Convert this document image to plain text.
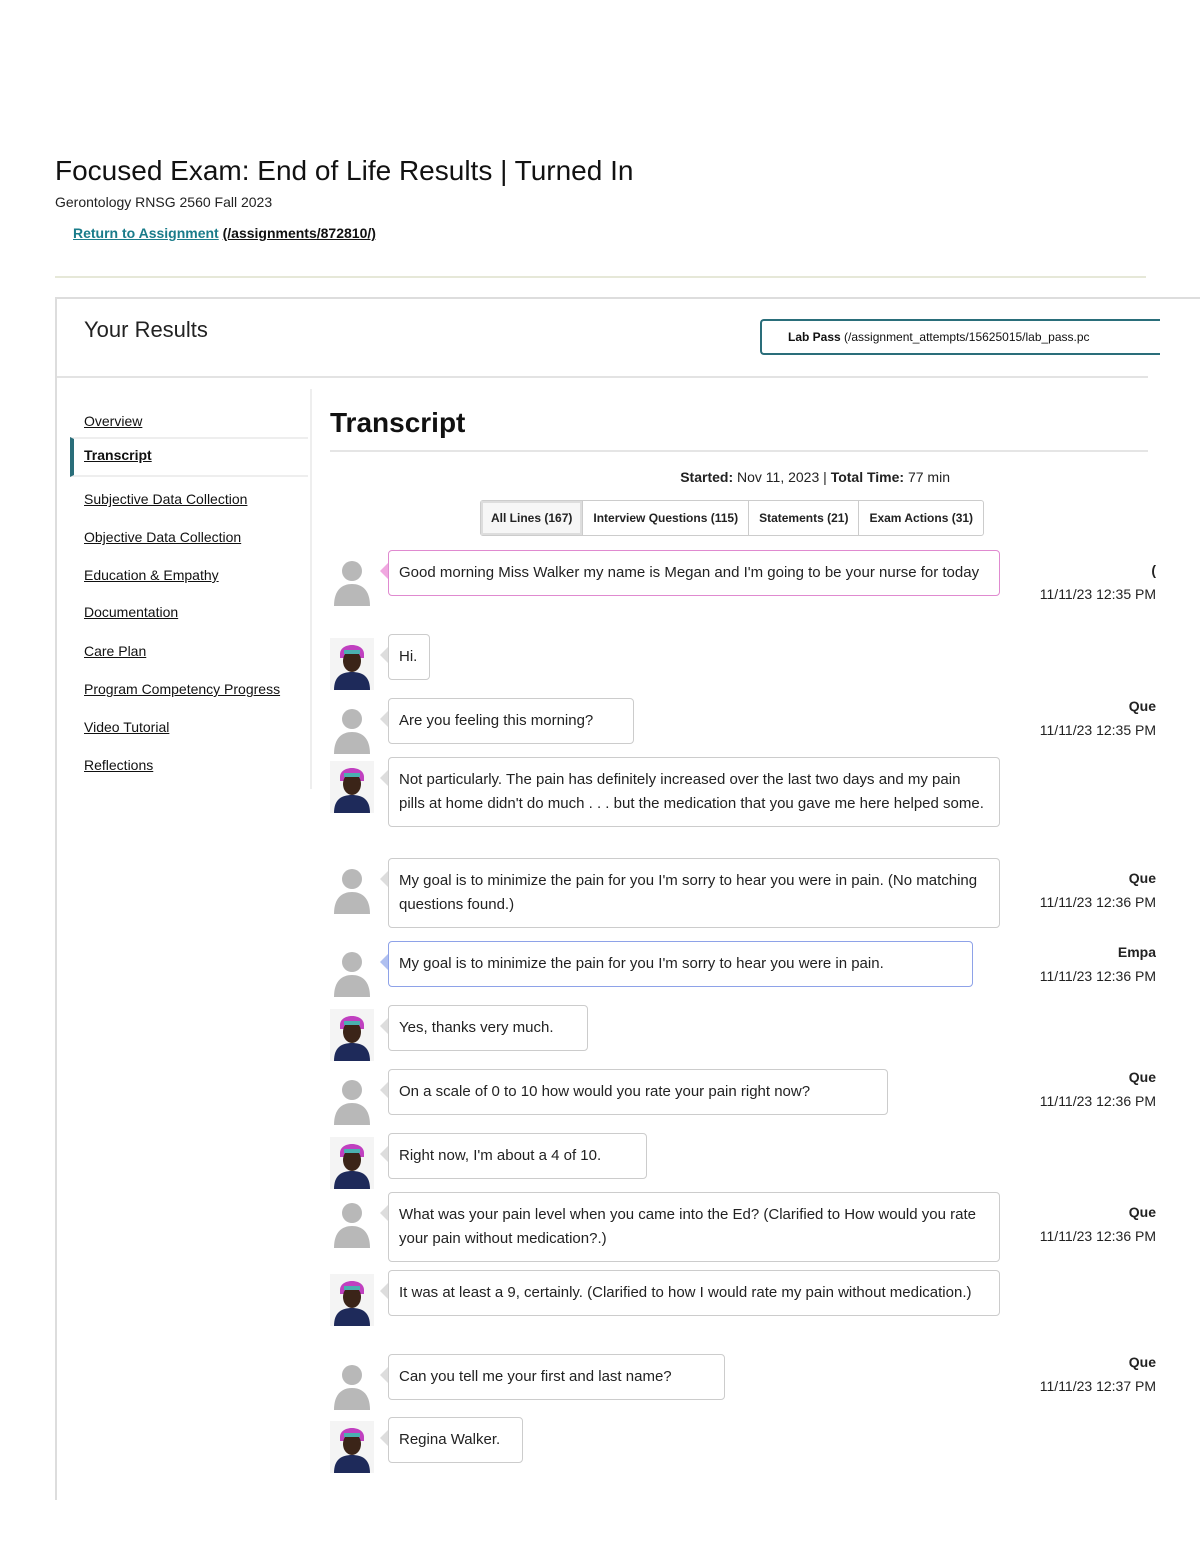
Focused Exam: End of Life Results | Turned In
Gerontology RNSG 2560 Fall 2023
Return to Assignment (/assignments/872810/)
Your Results	Lab Pass (/assignment_attempts/15625015/lab_pass.pc
Overview
Transcript
Subjective Data Collection
Objective Data Collection
Education & Empathy
Documentation
Care Plan
Program Competency Progress
Video Tutorial
Reflections
Transcript
Started: Nov 11, 2023 | Total Time: 77 min
All Lines (167)	Interview Questions (115)	Statements (21)	Exam Actions (31)
Good morning Miss Walker my name is Megan and I'm going to be your nurse for today	(
11/11/23 12:35 PM
Hi.
Are you feeling this morning?
Que
11/11/23 12:35 PM
Not particularly. The pain has definitely increased over the last two days and my pain pills at home didn't do much . . . but the medication that you gave me here helped some.
My goal is to minimize the pain for you I'm sorry to hear you were in pain. (No matching questions found.)
Que
11/11/23 12:36 PM
My goal is to minimize the pain for you I'm sorry to hear you were in pain.
Empa
11/11/23 12:36 PM
Yes, thanks very much.
On a scale of 0 to 10 how would you rate your pain right now?
Que
11/11/23 12:36 PM
Right now, I'm about a 4 of 10.
What was your pain level when you came into the Ed? (Clarified to How would you rate your pain without medication?.)
Que
11/11/23 12:36 PM
It was at least a 9, certainly. (Clarified to how I would rate my pain without medication.)
Can you tell me your first and last name?
Que
11/11/23 12:37 PM
Regina Walker.
